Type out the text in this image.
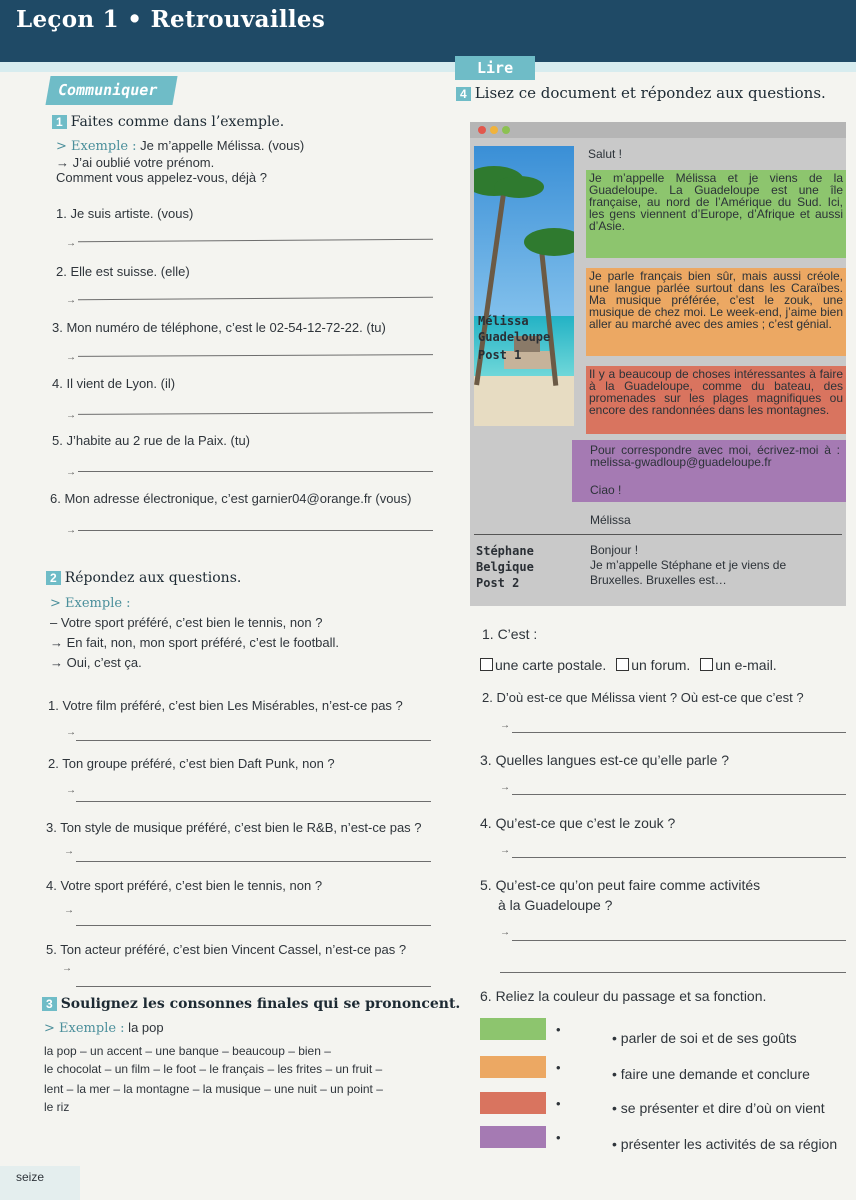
Leçon 1 • Retrouvailles
Communiquer
Lire
1 Faites comme dans l’exemple.
> Exemple : Je m’appelle Mélissa. (vous)
→ J’ai oublié votre prénom.
Comment vous appelez-vous, déjà ?
1. Je suis artiste. (vous)
→
2. Elle est suisse. (elle)
→
3. Mon numéro de téléphone, c’est le 02-54-12-72-22. (tu)
→
4. Il vient de Lyon. (il)
→
5. J’habite au 2 rue de la Paix. (tu)
→
6. Mon adresse électronique, c’est garnier04@orange.fr (vous)
→
2 Répondez aux questions.
> Exemple :
– Votre sport préféré, c’est bien le tennis, non ?
→ En fait, non, mon sport préféré, c’est le football.
→ Oui, c’est ça.
1. Votre film préféré, c’est bien Les Misérables, n’est-ce pas ?
→
2. Ton groupe préféré, c’est bien Daft Punk, non ?
→
3. Ton style de musique préféré, c’est bien le R&B, n’est-ce pas ?
→
4. Votre sport préféré, c’est bien le tennis, non ?
→
5. Ton acteur préféré, c’est bien Vincent Cassel, n’est-ce pas ?
→
3 Soulignez les consonnes finales qui se prononcent.
> Exemple : la pop
la pop – un accent – une banque – beaucoup – bien –
le chocolat – un film – le foot – le français – les frites – un fruit –
lent – la mer – la montagne – la musique – une nuit – un point –
le riz
4 Lisez ce document et répondez aux questions.
Mélissa
Guadeloupe
Post 1
Salut !
Je m’appelle Mélissa et je viens de la Guadeloupe. La Guadeloupe est une île française, au nord de l’Amérique du Sud. Ici, les gens viennent d’Europe, d’Afrique et aussi d’Asie.
Je parle français bien sûr, mais aussi créole, une langue parlée surtout dans les Caraïbes. Ma musique préférée, c’est le zouk, une musique de chez moi. Le week-end, j’aime bien aller au marché avec des amies ; c’est génial.
Il y a beaucoup de choses intéressantes à faire à la Guadeloupe, comme du bateau, des promenades sur les plages magnifiques ou encore des randonnées dans les montagnes.
Pour correspondre avec moi, écrivez-moi à : melissa-gwadloup@guadeloupe.fr
Ciao !
Mélissa
Stéphane
Belgique
Post 2
Bonjour !
Je m’appelle Stéphane et je viens de
Bruxelles. Bruxelles est…
1. C’est :
une carte postale. un forum. un e-mail.
2. D’où est-ce que Mélissa vient ? Où est-ce que c’est ?
→
3. Quelles langues est-ce qu’elle parle ?
→
4. Qu’est-ce que c’est le zouk ?
→
5. Qu’est-ce qu’on peut faire comme activités
à la Guadeloupe ?
→
6. Reliez la couleur du passage et sa fonction.
•
•
•
•
• parler de soi et de ses goûts
• faire une demande et conclure
• se présenter et dire d’où on vient
• présenter les activités de sa région
seize
